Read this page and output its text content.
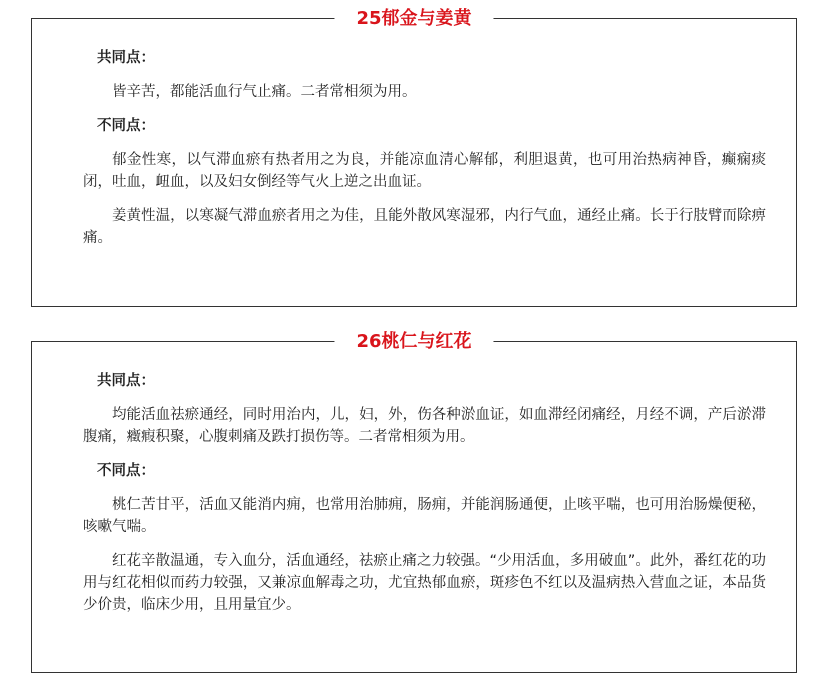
25郁金与姜黄

共同点：

皆辛苦，都能活血行气止痛。二者常相须为用。

不同点：

郁金性寒，以气滞血瘀有热者用之为良，并能凉血清心解郁，利胆退黄，也可用治热病神昏，癫痫痰闭，吐血，衄血，以及妇女倒经等气火上逆之出血证。

姜黄性温，以寒凝气滞血瘀者用之为佳，且能外散风寒湿邪，内行气血，通经止痛。长于行肢臂而除痹痛。

26桃仁与红花

共同点：

均能活血祛瘀通经，同时用治内，儿，妇，外，伤各种淤血证，如血滞经闭痛经，月经不调，产后淤滞腹痛，癥瘕积聚，心腹刺痛及跌打损伤等。二者常相须为用。

不同点：

桃仁苦甘平，活血又能消内痈，也常用治肺痈，肠痈，并能润肠通便，止咳平喘，也可用治肠燥便秘，咳嗽气喘。

红花辛散温通，专入血分，活血通经，祛瘀止痛之力较强。“少用活血，多用破血”。此外，番红花的功用与红花相似而药力较强，又兼凉血解毒之功，尤宜热郁血瘀，斑疹色不红以及温病热入营血之证，本品货少价贵，临床少用，且用量宜少。
